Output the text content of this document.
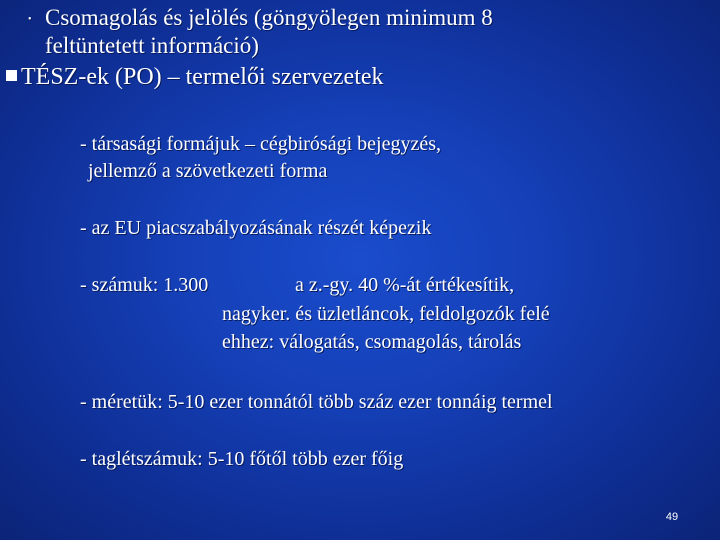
• Csomagolás és jelölés (göngyölegen minimum 8
feltüntetett információ)
TÉSZ-ek (PO) – termelői szervezetek
- társasági formájuk – cégbirósági bejegyzés,
jellemző a szövetkezeti forma
- az EU piacszabályozásának részét képezik
- számuk: 1.300	a z.-gy. 40 %-át értékesítik,
nagyker. és üzletláncok, feldolgozók felé
ehhez: válogatás, csomagolás, tárolás
- méretük: 5-10 ezer tonnától több száz ezer tonnáig termel
- taglétszámuk: 5-10 főtől több ezer főig
49
